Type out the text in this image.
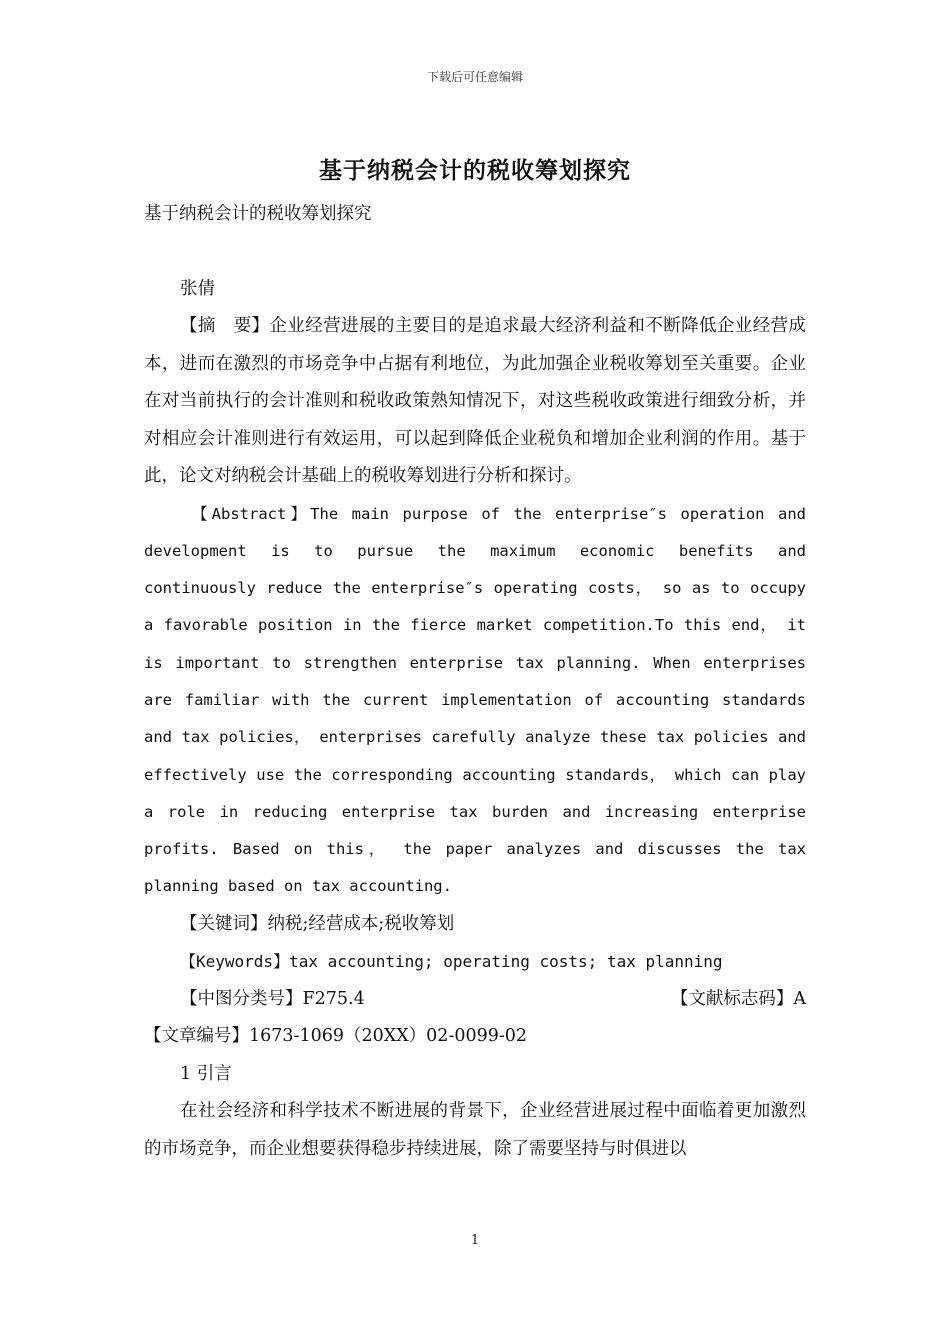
下载后可任意编辑
基于纳税会计的税收筹划探究

基于纳税会计的税收筹划探究

张倩

【摘　要】企业经营进展的主要目的是追求最大经济利益和不断降低企业经营成本，进而在激烈的市场竞争中占据有利地位，为此加强企业税收筹划至关重要。企业在对当前执行的会计准则和税收政策熟知情况下，对这些税收政策进行细致分析，并对相应会计准则进行有效运用，可以起到降低企业税负和增加企业利润的作用。基于此，论文对纳税会计基础上的税收筹划进行分析和探讨。

【Abstract】The main purpose of the enterprise″s operation and development is to pursue the maximum economic benefits and continuously reduce the enterprise″s operating costs， so as to occupy a favorable position in the fierce market competition.To this end， it is important to strengthen enterprise tax planning. When enterprises are familiar with the current implementation of accounting standards and tax policies， enterprises carefully analyze these tax policies and effectively use the corresponding accounting standards， which can play a role in reducing enterprise tax burden and increasing enterprise profits. Based on this， the paper analyzes and discusses the tax planning based on tax accounting.

【关键词】纳税;经营成本;税收筹划

【Keywords】tax accounting; operating costs; tax planning

【中图分类号】F275.4	【文献标志码】A

【文章编号】1673-1069（20XX）02-0099-02

1 引言

在社会经济和科学技术不断进展的背景下，企业经营进展过程中面临着更加激烈的市场竞争，而企业想要获得稳步持续进展，除了需要坚持与时俱进以

1
